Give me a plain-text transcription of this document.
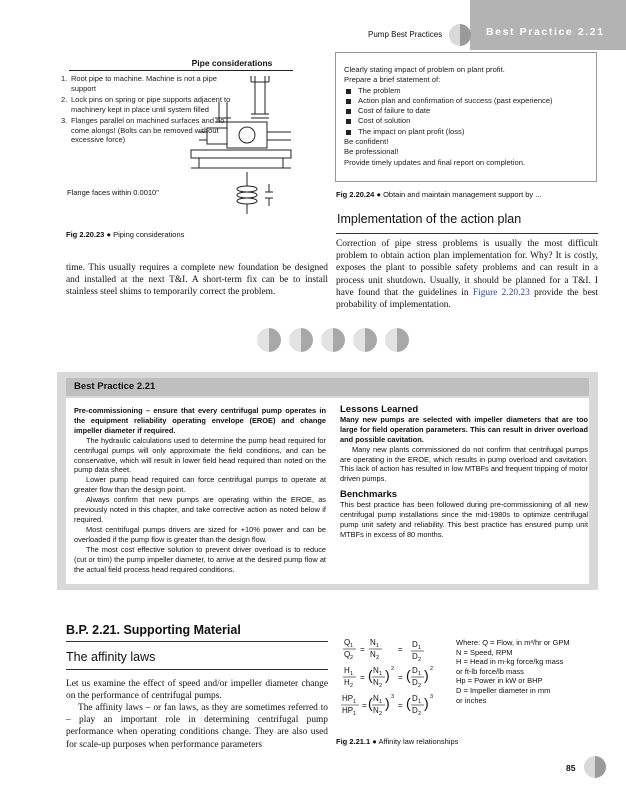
Best Practice 2.21
Pump Best Practices
Pipe considerations
1. Root pipe to machine. Machine is not a pipe support
2. Lock pins on spring or pipe supports adjacent to machinery kept in place until system filled
3. Flanges parallel on machined surfaces and no come alongs! (Bolts can be removed without excessive force)
Flange faces within 0.0010"
Fig 2.20.23 ● Piping considerations
Clearly stating impact of problem on plant profit.
Prepare a brief statement of:
The problem
Action plan and confirmation of success (past experience)
Cost of failure to date
Cost of solution
The impact on plant profit (loss)
Be confident!
Be professional!
Provide timely updates and final report on completion.
Fig 2.20.24 ● Obtain and maintain management support by ...
Implementation of the action plan
Correction of pipe stress problems is usually the most difficult problem to obtain action plan implementation for. Why? It is costly, exposes the plant to possible safety problems and can result in a process unit shutdown. Usually, it should be planned for a T&I. I have found that the guidelines in Figure 2.20.23 provide the best probability of implementation.
time. This usually requires a complete new foundation be designed and installed at the next T&I. A short-term fix can be to install stainless steel shims to temporarily correct the problem.
Best Practice 2.21
Pre-commissioning – ensure that every centrifugal pump operates in the equipment reliability operating envelope (EROE) and change impeller diameter if required.
The hydraulic calculations used to determine the pump head required for centrifugal pumps will only approximate the field conditions, and can be conservative, which will result in lower field head required than noted on the pump data sheet.
Lower pump head required can force centrifugal pumps to operate at greater flow than the design point.
Always confirm that new pumps are operating within the EROE, as previously noted in this chapter, and take corrective action as noted below if required.
Most centrifugal pumps drivers are sized for +10% power and can be overloaded if the pump flow is greater than the design flow.
The most cost effective solution to prevent driver overload is to reduce (cut or trim) the pump impeller diameter, to arrive at the desired pump flow at the actual field process head required conditions.
Lessons Learned
Many new pumps are selected with impeller diameters that are too large for field operation parameters. This can result in driver overload and possible cavitation.
Many new plants commissioned do not confirm that centrifugal pumps are operating in the EROE, which results in pump overload and cavitation. This lack of action has resulted in low MTBFs and frequent tripping of motor driven pumps.
Benchmarks
This best practice has been followed during pre-commissioning of all new centrifugal pump installations since the mid-1980s to optimize centrifugal pump unit safety and reliability. This best practice has ensured pump unit MTBFs in excess of 80 months.
B.P. 2.21. Supporting Material
The affinity laws
Let us examine the effect of speed and/or impeller diameter change on the performance of centrifugal pumps.
The affinity laws – or fan laws, as they are sometimes referred to – play an important role in determining centrifugal pump performance when operating conditions change. They are also used for scale-up purposes when performance parameters
Q 1
Q 2
=
N 1
N 2
=
D 1
D 2
H 1
H 2
= ( N 1
N 2
) 2
= ( D 1
D 2
) 2
HP 1
HP 1
= ( N 1
N 2
) 3
= ( D 1
D 2
) 3
Where: Q = Flow, in m³/hr or GPM
N = Speed, RPM
H = Head in m-kg force/kg mass
or ft-lb force/lb mass
Hp = Power in kW or BHP
D = Impeller diameter in mm
or inches
Fig 2.21.1 ● Affinity law relationships
85
